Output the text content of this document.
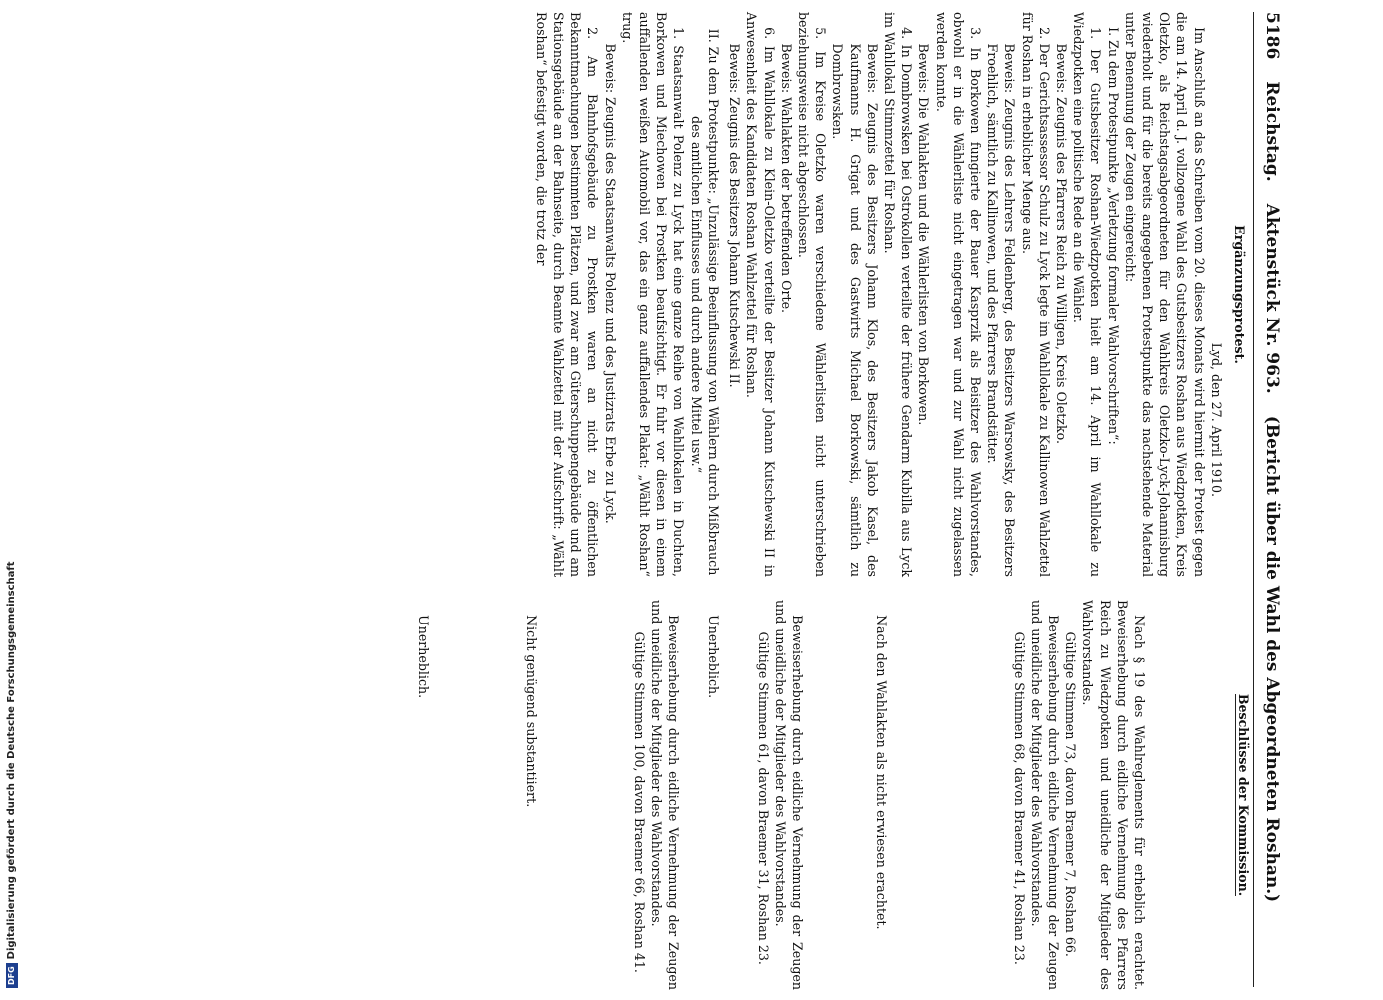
5186
Reichstag.
Aktenstück Nr. 963.
(Bericht über die Wahl des Abgeordneten Roshan.)
Ergänzungsprotest.
Lyd, den 27. April 1910.

Im Anschluß an das Schreiben vom 20. dieses Monats wird hiermit der Protest gegen die am 14. April d. J. vollzogene Wahl des Gutsbesitzers Roshan aus Wiedzpotken, Kreis Oletzko, als Reichstagsabgeordneten für den Wahlkreis Oletzko-Lyck-Johannisburg wiederholt und für die bereits angegebenen Protestpunkte das nachstehende Material unter Benennung der Zeugen eingereicht:

I. Zu dem Protestpunkte „Verletzung formaler Wahlvorschriften“:

1. Der Gutsbesitzer Roshan-Wiedzpotken hielt am 14. April im Wahllokale zu Wiedzpotken eine politische Rede an die Wähler.

Beweis: Zeugnis des Pfarrers Reich zu Willigen, Kreis Oletzko.

2. Der Gerichtsassessor Schulz zu Lyck legte im Wahllokale zu Kallinowen Wahlzettel für Roshan in erheblicher Menge aus.

Beweis: Zeugnis des Lehrers Feldenberg, des Besitzers Warsowsky, des Besitzers Froehlich, sämtlich zu Kallinowen, und des Pfarrers Brandstätter.

3. In Borkowen fungierte der Bauer Kasprzik als Beisitzer des Wahlvorstandes, obwohl er in die Wählerliste nicht eingetragen war und zur Wahl nicht zugelassen werden konnte.

Beweis: Die Wahlakten und die Wählerlisten von Borkowen.

4. In Dombrowsken bei Ostrokollen verteilte der frühere Gendarm Kubilla aus Lyck im Wahllokal Stimmzettel für Roshan.

Beweis: Zeugnis des Besitzers Johann Klos, des Besitzers Jakob Kasel, des Kaufmanns H. Grigat und des Gastwirts Michael Borkowski, sämtlich zu Dombrowsken.

5. Im Kreise Oletzko waren verschiedene Wählerlisten nicht unterschrieben beziehungsweise nicht abgeschlossen.

Beweis: Wahlakten der betreffenden Orte.

6. Im Wahllokale zu Klein-Oletzko verteilte der Besitzer Johann Kutschewski II in Anwesenheit des Kandidaten Roshan Wahlzettel für Roshan.

Beweis: Zeugnis des Besitzers Johann Kutschewski II.

II. Zu dem Protestpunkte: „Unzulässige Beeinflussung von Wählern durch Mißbrauch des amtlichen Einflusses und durch andere Mittel usw.“

1. Staatsanwalt Polenz zu Lyck hat eine ganze Reihe von Wahllokalen in Duchten, Borkowen und Miechowen bei Prostken beaufsichtigt. Er fuhr vor diesen in einem auffallenden weißen Automobil vor, das ein ganz auffallendes Plakat: „Wählt Roshan“ trug.

Beweis: Zeugnis des Staatsanwalts Polenz und des Justizrats Erbe zu Lyck.

2. Am Bahnhofsgebäude zu Prostken waren an nicht zu öffentlichen Bekanntmachungen bestimmten Plätzen, und zwar am Güterschuppengebäude und am Stationsgebäude an der Bahnseite, durch Beamte Wahlzettel mit der Aufschrift: „Wählt Roshan“ befestigt worden, die trotz der

Beschlüsse der Kommission.

Nach § 19 des Wahlreglements für erheblich erachtet. Beweiserhebung durch eidliche Vernehmung des Pfarrers Reich zu Wiedzpotken und uneidliche der Mitglieder des Wahlvorstandes.

Gültige Stimmen 73, davon Braemer 7, Roshan 66.

Beweiserhebung durch eidliche Vernehmung der Zeugen und uneidliche der Mitglieder des Wahlvorstandes.

Gültige Stimmen 68, davon Braemer 41, Roshan 23.

Nach den Wahlakten als nicht erwiesen erachtet.

Beweiserhebung durch eidliche Vernehmung der Zeugen und uneidliche der Mitglieder des Wahlvorstandes.

Gültige Stimmen 61, davon Braemer 31, Roshan 23.

Unerheblich.

Beweiserhebung durch eidliche Vernehmung der Zeugen und uneidliche der Mitglieder des Wahlvorstandes.

Gültige Stimmen 100, davon Braemer 66, Roshan 41.

Nicht genügend substantiiert.

Unerheblich.

DFGDigitalisierung gefördert durch die Deutsche Forschungsgemeinschaft
